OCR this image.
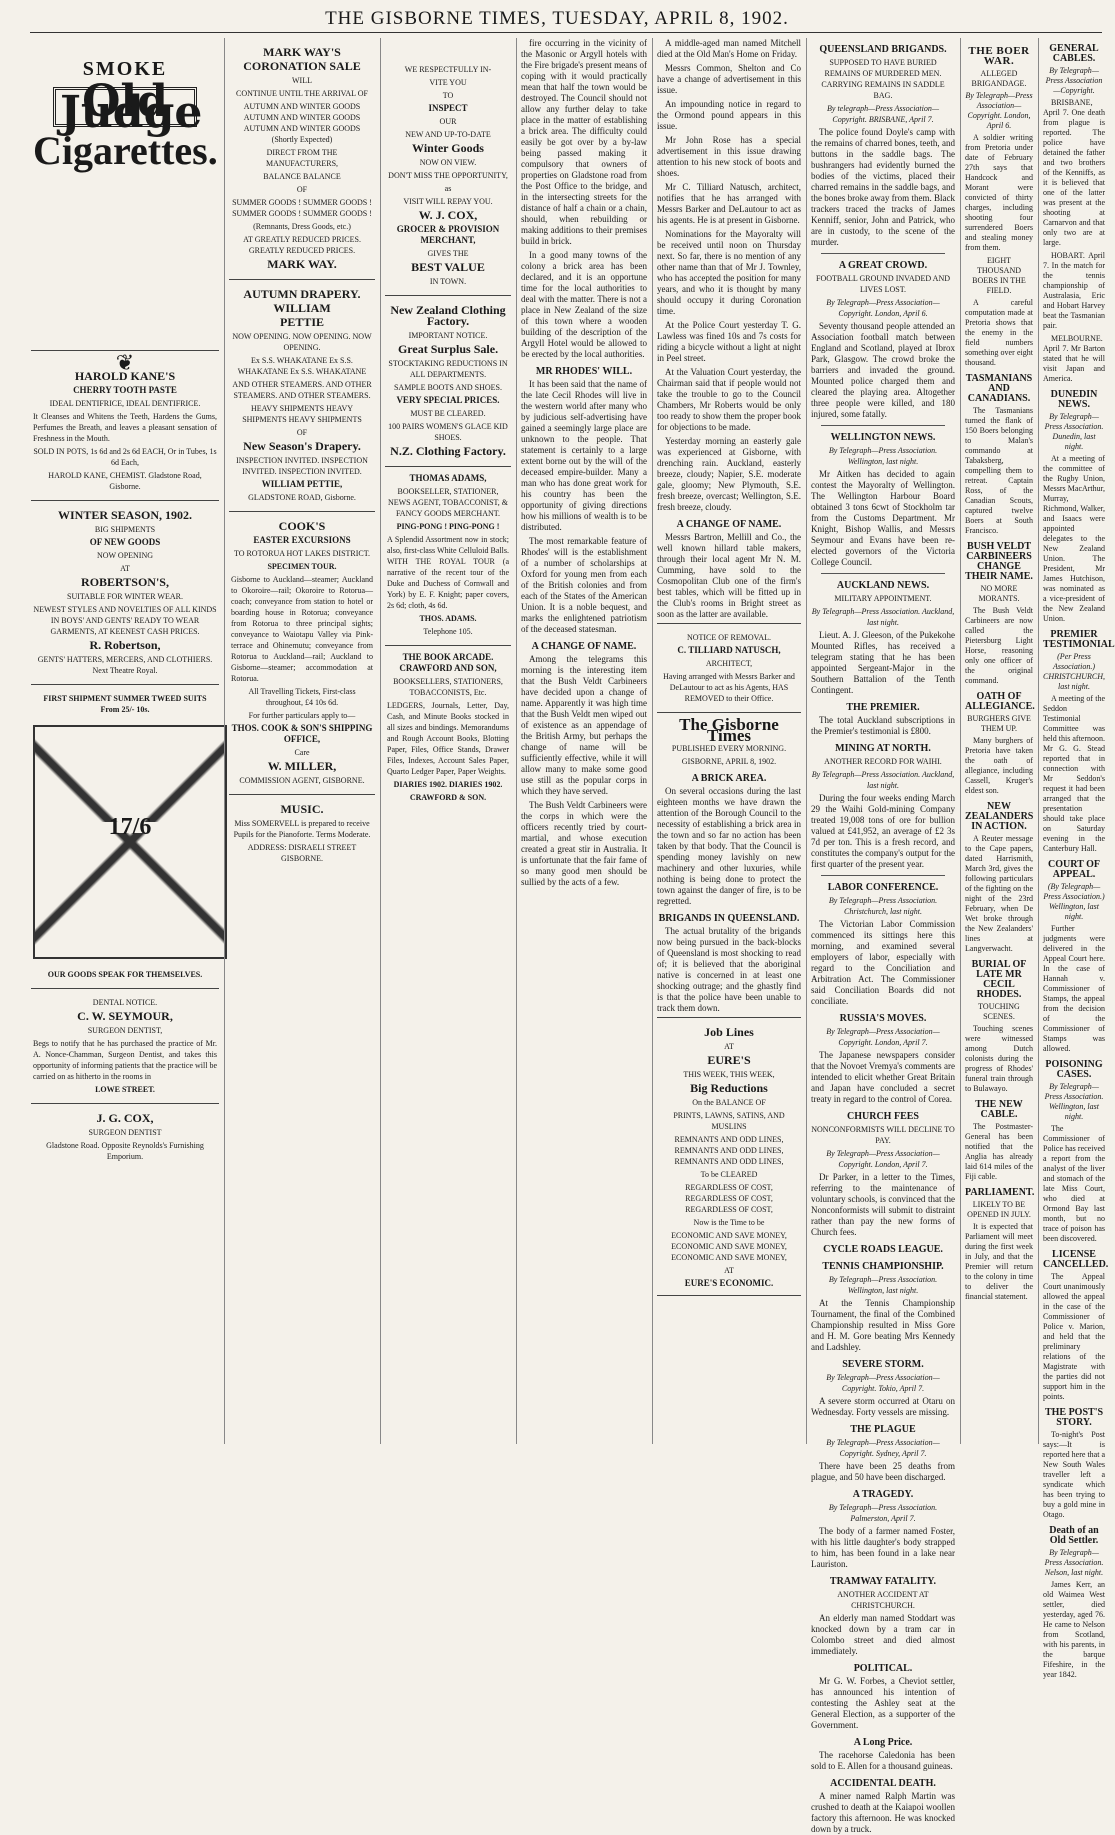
THE GISBORNE TIMES, TUESDAY, APRIL 8, 1902.
SMOKE
Old Judge
Cigarettes.
❦
HAROLD KANE'S
CHERRY TOOTH PASTE
IDEAL DENTIFRICE, IDEAL DENTIFRICE.
It Cleanses and Whitens the Teeth, Hardens the Gums, Perfumes the Breath, and leaves a pleasant sensation of Freshness in the Mouth.
SOLD IN POTS, 1s 6d and 2s 6d EACH, Or in Tubes, 1s 6d Each,
HAROLD KANE, CHEMIST. Gladstone Road, Gisborne.
WINTER SEASON, 1902.
BIG SHIPMENTS
OF NEW GOODS
NOW OPENING
AT
ROBERTSON'S,
SUITABLE FOR WINTER WEAR.
NEWEST STYLES AND NOVELTIES OF ALL KINDS IN BOYS' AND GENTS' READY TO WEAR GARMENTS, AT KEENEST CASH PRICES.
R. Robertson,
GENTS' HATTERS, MERCERS, AND CLOTHIERS. Next Theatre Royal.
FIRST SHIPMENT SUMMER TWEED SUITS From 25/- 10s.
17/6
OUR GOODS SPEAK FOR THEMSELVES.
DENTAL NOTICE.
C. W. SEYMOUR,
SURGEON DENTIST,
Begs to notify that he has purchased the practice of Mr. A. Nonce-Chamman, Surgeon Dentist, and takes this opportunity of informing patients that the practice will be carried on as hitherto in the rooms in
LOWE STREET.
J. G. COX,
SURGEON DENTIST
Gladstone Road. Opposite Reynolds's Furnishing Emporium.
MARK WAY'S
CORONATION SALE
WILL
CONTINUE UNTIL THE ARRIVAL OF
AUTUMN AND WINTER GOODS AUTUMN AND WINTER GOODS AUTUMN AND WINTER GOODS (Shortly Expected)
DIRECT FROM THE MANUFACTURERS,
BALANCE BALANCE
OF
SUMMER GOODS ! SUMMER GOODS ! SUMMER GOODS ! SUMMER GOODS !
(Remnants, Dress Goods, etc.)
AT GREATLY REDUCED PRICES. GREATLY REDUCED PRICES.
MARK WAY.
AUTUMN DRAPERY.
WILLIAM
PETTIE
NOW OPENING. NOW OPENING. NOW OPENING.
Ex S.S. WHAKATANE Ex S.S. WHAKATANE Ex S.S. WHAKATANE
AND OTHER STEAMERS. AND OTHER STEAMERS. AND OTHER STEAMERS.
HEAVY SHIPMENTS HEAVY SHIPMENTS HEAVY SHIPMENTS
OF
New Season's Drapery.
INSPECTION INVITED. INSPECTION INVITED. INSPECTION INVITED.
WILLIAM PETTIE,
GLADSTONE ROAD, Gisborne.
COOK'S
EASTER EXCURSIONS
TO ROTORUA HOT LAKES DISTRICT.
SPECIMEN TOUR.
Gisborne to Auckland—steamer; Auckland to Okoroire—rail; Okoroire to Rotorua—coach; conveyance from station to hotel or boarding house in Rotorua; conveyance from Rotorua to three principal sights; conveyance to Waiotapu Valley via Pink-terrace and Ohinemutu; conveyance from Rotorua to Auckland—rail; Auckland to Gisborne—steamer; accommodation at Rotorua.
All Travelling Tickets, First-class throughout, £4 10s 6d.
For further particulars apply to—
THOS. COOK & SON'S SHIPPING OFFICE,
Care
W. MILLER,
COMMISSION AGENT, GISBORNE.
MUSIC.
Miss SOMERVELL is prepared to receive Pupils for the Pianoforte. Terms Moderate.
ADDRESS: DISRAELI STREET GISBORNE.
WE RESPECTFULLY IN-
VITE YOU
TO
INSPECT
OUR
NEW AND UP-TO-DATE
Winter Goods
NOW ON VIEW.
DON'T MISS THE OPPORTUNITY,
as
VISIT WILL REPAY YOU.
W. J. COX,
GROCER & PROVISION
MERCHANT,
GIVES THE
BEST VALUE
IN TOWN.
New Zealand Clothing Factory.
IMPORTANT NOTICE.
Great Surplus Sale.
STOCKTAKING REDUCTIONS IN ALL DEPARTMENTS.
SAMPLE BOOTS AND SHOES.
VERY SPECIAL PRICES.
MUST BE CLEARED.
100 PAIRS WOMEN'S GLACE KID SHOES.
N.Z. Clothing Factory.
THOMAS ADAMS,
BOOKSELLER, STATIONER, NEWS AGENT, TOBACCONIST, & FANCY GOODS MERCHANT.
PING-PONG ! PING-PONG !
A Splendid Assortment now in stock; also, first-class White Celluloid Balls. WITH THE ROYAL TOUR (a narrative of the recent tour of the Duke and Duchess of Cornwall and York) by E. F. Knight; paper covers, 2s 6d; cloth, 4s 6d.
THOS. ADAMS.
Telephone 105.
THE BOOK ARCADE.
CRAWFORD AND SON,
BOOKSELLERS, STATIONERS, TOBACCONISTS, Etc.
LEDGERS, Journals, Letter, Day, Cash, and Minute Books stocked in all sizes and bindings. Memorandums and Rough Account Books, Blotting Paper, Files, Office Stands, Drawer Files, Indexes, Account Sales Paper, Quarto Ledger Paper, Paper Weights.
DIARIES 1902. DIARIES 1902.
CRAWFORD & SON.

fire occurring in the vicinity of the Masonic or Argyll hotels with the Fire brigade's present means of coping with it would practically mean that half the town would be destroyed. The Council should not allow any further delay to take place in the matter of establishing a brick area. The difficulty could easily be got over by a by-law being passed making it compulsory that owners of properties on Gladstone road from the Post Office to the bridge, and in the intersecting streets for the distance of half a chain or a chain, should, when rebuilding or making additions to their premises build in brick.

In a good many towns of the colony a brick area has been declared, and it is an opportune time for the local authorities to deal with the matter. There is not a place in New Zealand of the size of this town where a wooden building of the description of the Argyll Hotel would be allowed to be erected by the local authorities.

MR RHODES' WILL.

It has been said that the name of the late Cecil Rhodes will live in the western world after many who by judicious self-advertising have gained a seemingly large place are unknown to the people. That statement is certainly to a large extent borne out by the will of the deceased empire-builder. Many a man who has done great work for his country has been the opportunity of giving directions how his millions of wealth is to be distributed.

The most remarkable feature of Rhodes' will is the establishment of a number of scholarships at Oxford for young men from each of the British colonies and from each of the States of the American Union. It is a noble bequest, and marks the enlightened patriotism of the deceased statesman.

A CHANGE OF NAME.

Among the telegrams this morning is the interesting item that the Bush Veldt Carbineers have decided upon a change of name. Apparently it was high time that the Bush Veldt men wiped out of existence as an appendage of the British Army, but perhaps the change of name will be sufficiently effective, while it will allow many to make some good use still as the popular corps in which they have served.

The Bush Veldt Carbineers were the corps in which were the officers recently tried by court-martial, and whose execution created a great stir in Australia. It is unfortunate that the fair fame of so many good men should be sullied by the acts of a few.

A middle-aged man named Mitchell died at the Old Man's Home on Friday.

Messrs Common, Shelton and Co have a change of advertisement in this issue.

An impounding notice in regard to the Ormond pound appears in this issue.

Mr John Rose has a special advertisement in this issue drawing attention to his new stock of boots and shoes.

Mr C. Tilliard Natusch, architect, notifies that he has arranged with Messrs Barker and DeLautour to act as his agents. He is at present in Gisborne.

Nominations for the Mayoralty will be received until noon on Thursday next. So far, there is no mention of any other name than that of Mr J. Townley, who has accepted the position for many years, and who it is thought by many should occupy it during Coronation time.

At the Police Court yesterday T. G. Lawless was fined 10s and 7s costs for riding a bicycle without a light at night in Peel street.

At the Valuation Court yesterday, the Chairman said that if people would not take the trouble to go to the Council Chambers, Mr Roberts would be only too ready to show them the proper book for objections to be made.

Yesterday morning an easterly gale was experienced at Gisborne, with drenching rain. Auckland, easterly breeze, cloudy; Napier, S.E. moderate gale, gloomy; New Plymouth, S.E. fresh breeze, overcast; Wellington, S.E. fresh breeze, cloudy.

A CHANGE OF NAME.

Messrs Bartron, Mellill and Co., the well known hillard table makers, through their local agent Mr N. M. Cumming, have sold to the Cosmopolitan Club one of the firm's best tables, which will be fitted up in the Club's rooms in Bright street as soon as the latter are available.

NOTICE OF REMOVAL.
C. TILLIARD NATUSCH,
ARCHITECT,
Having arranged with Messrs Barker and DeLautour to act as his Agents, HAS REMOVED to their Office.
The Gisborne Times
PUBLISHED EVERY MORNING.
GISBORNE, APRIL 8, 1902.
A BRICK AREA.

On several occasions during the last eighteen months we have drawn the attention of the Borough Council to the necessity of establishing a brick area in the town and so far no action has been taken by that body. That the Council is spending money lavishly on new machinery and other luxuries, while nothing is being done to protect the town against the danger of fire, is to be regretted.

BRIGANDS IN QUEENSLAND.

The actual brutality of the brigands now being pursued in the back-blocks of Queensland is most shocking to read of; it is believed that the aboriginal native is concerned in at least one shocking outrage; and the ghastly find is that the police have been unable to track them down.

Job Lines
AT
EURE'S
THIS WEEK, THIS WEEK,
Big Reductions
On the BALANCE OF
PRINTS, LAWNS, SATINS, AND MUSLINS
REMNANTS AND ODD LINES, REMNANTS AND ODD LINES, REMNANTS AND ODD LINES,
To be CLEARED
REGARDLESS OF COST, REGARDLESS OF COST, REGARDLESS OF COST,
Now is the Time to be
ECONOMIC AND SAVE MONEY, ECONOMIC AND SAVE MONEY, ECONOMIC AND SAVE MONEY,
AT
EURE'S ECONOMIC.
QUEENSLAND BRIGANDS.
SUPPOSED TO HAVE BURIED REMAINS OF MURDERED MEN. CARRYING REMAINS IN SADDLE BAG.
By telegraph—Press Association—Copyright. BRISBANE, April 7.

The police found Doyle's camp with the remains of charred bones, teeth, and buttons in the saddle bags. The bushrangers had evidently burned the bodies of the victims, placed their charred remains in the saddle bags, and the bones broke away from them. Black trackers traced the tracks of James Kenniff, senior, John and Patrick, who are in custody, to the scene of the murder.

A GREAT CROWD.
FOOTBALL GROUND INVADED AND LIVES LOST.
By Telegraph—Press Association—Copyright. London, April 6.

Seventy thousand people attended an Association football match between England and Scotland, played at Ibrox Park, Glasgow. The crowd broke the barriers and invaded the ground. Mounted police charged them and cleared the playing area. Altogether three people were killed, and 180 injured, some fatally.

WELLINGTON NEWS.
By Telegraph—Press Association. Wellington, last night.

Mr Aitken has decided to again contest the Mayoralty of Wellington. The Wellington Harbour Board obtained 3 tons 6cwt of Stockholm tar from the Customs Department. Mr Knight, Bishop Wallis, and Messrs Seymour and Evans have been re-elected governors of the Victoria College Council.

AUCKLAND NEWS.
MILITARY APPOINTMENT.
By Telegraph—Press Association. Auckland, last night.

Lieut. A. J. Gleeson, of the Pukekohe Mounted Rifles, has received a telegram stating that he has been appointed Sergeant-Major in the Southern Battalion of the Tenth Contingent.

THE PREMIER.

The total Auckland subscriptions in the Premier's testimonial is £800.

MINING AT NORTH.
ANOTHER RECORD FOR WAIHI.
By Telegraph—Press Association. Auckland, last night.

During the four weeks ending March 29 the Waihi Gold-mining Company treated 19,008 tons of ore for bullion valued at £41,952, an average of £2 3s 7d per ton. This is a fresh record, and constitutes the company's output for the first quarter of the present year.

LABOR CONFERENCE.
By Telegraph—Press Association. Christchurch, last night.

The Victorian Labor Commission commenced its sittings here this morning, and examined several employers of labor, especially with regard to the Conciliation and Arbitration Act. The Commissioner said Conciliation Boards did not conciliate.

RUSSIA'S MOVES.
By Telegraph—Press Association—Copyright. London, April 7.

The Japanese newspapers consider that the Novoet Vremya's comments are intended to elicit whether Great Britain and Japan have concluded a secret treaty in regard to the control of Corea.

CHURCH FEES
NONCONFORMISTS WILL DECLINE TO PAY.
By Telegraph—Press Association—Copyright. London, April 7.

Dr Parker, in a letter to the Times, referring to the maintenance of voluntary schools, is convinced that the Nonconformists will submit to distraint rather than pay the new forms of Church fees.

CYCLE ROADS LEAGUE.
TENNIS CHAMPIONSHIP.
By Telegraph—Press Association. Wellington, last night.

At the Tennis Championship Tournament, the final of the Combined Championship resulted in Miss Gore and H. M. Gore beating Mrs Kennedy and Ladshley.

SEVERE STORM.
By Telegraph—Press Association—Copyright. Tokio, April 7.

A severe storm occurred at Otaru on Wednesday. Forty vessels are missing.

THE PLAGUE
By Telegraph—Press Association—Copyright. Sydney, April 7.

There have been 25 deaths from plague, and 50 have been discharged.

A TRAGEDY.
By Telegraph—Press Association. Palmerston, April 7.

The body of a farmer named Foster, with his little daughter's body strapped to him, has been found in a lake near Lauriston.

TRAMWAY FATALITY.
ANOTHER ACCIDENT AT CHRISTCHURCH.

An elderly man named Stoddart was knocked down by a tram car in Colombo street and died almost immediately.

POLITICAL.

Mr G. W. Forbes, a Cheviot settler, has announced his intention of contesting the Ashley seat at the General Election, as a supporter of the Government.

A Long Price.

The racehorse Caledonia has been sold to E. Allen for a thousand guineas.

ACCIDENTAL DEATH.

A miner named Ralph Martin was crushed to death at the Kaiapoi woollen factory this afternoon. He was knocked down by a truck.

THE BOER WAR.
ALLEGED BRIGANDAGE.
By Telegraph—Press Association—Copyright. London, April 6.

A soldier writing from Pretoria under date of February 27th says that Handcock and Morant were convicted of thirty charges, including shooting four surrendered Boers and stealing money from them.

EIGHT THOUSAND BOERS IN THE FIELD.

A careful computation made at Pretoria shows that the enemy in the field numbers something over eight thousand.

TASMANIANS AND CANADIANS.

The Tasmanians turned the flank of 150 Boers belonging to Malan's commando at Tabaksberg, compelling them to retreat. Captain Ross, of the Canadian Scouts, captured twelve Boers at South Francisco.

BUSH VELDT CARBINEERS CHANGE THEIR NAME.
NO MORE MORANTS.

The Bush Veldt Carbineers are now called the Pietersburg Light Horse, reasoning only one officer of the original command.

OATH OF ALLEGIANCE.
BURGHERS GIVE THEM UP.

Many burghers of Pretoria have taken the oath of allegiance, including Cassell, Kruger's eldest son.

NEW ZEALANDERS IN ACTION.

A Reuter message to the Cape papers, dated Harrismith, March 3rd, gives the following particulars of the fighting on the night of the 23rd February, when De Wet broke through the New Zealanders' lines at Langverwacht.

BURIAL OF LATE MR CECIL RHODES.
TOUCHING SCENES.

Touching scenes were witnessed among Dutch colonists during the progress of Rhodes' funeral train through to Bulawayo.

THE NEW CABLE.

The Postmaster-General has been notified that the Anglia has already laid 614 miles of the Fiji cable.

PARLIAMENT.
LIKELY TO BE OPENED IN JULY.

It is expected that Parliament will meet during the first week in July, and that the Premier will return to the colony in time to deliver the financial statement.

GENERAL CABLES.
By Telegraph—Press Association—Copyright.

BRISBANE, April 7. One death from plague is reported. The police have detained the father and two brothers of the Kenniffs, as it is believed that one of the latter was present at the shooting at Carnarvon and that only two are at large.

HOBART. April 7. In the match for the tennis championship of Australasia, Eric and Hobart Harvey beat the Tasmanian pair.

MELBOURNE. April 7. Mr Barton stated that he will visit Japan and America.

DUNEDIN NEWS.
By Telegraph—Press Association. Dunedin, last night.

At a meeting of the committee of the Rugby Union, Messrs MacArthur, Murray, Richmond, Walker, and Isaacs were appointed delegates to the New Zealand Union. The President, Mr James Hutchison, was nominated as a vice-president of the New Zealand Union.

PREMIER TESTIMONIAL
(Per Press Association.) CHRISTCHURCH, last night.

A meeting of the Seddon Testimonial Committee was held this afternoon. Mr G. G. Stead reported that in connection with Mr Seddon's request it had been arranged that the presentation should take place on Saturday evening in the Canterbury Hall.

COURT OF APPEAL.
(By Telegraph—Press Association.) Wellington, last night.

Further judgments were delivered in the Appeal Court here. In the case of Hannah v. Commissioner of Stamps, the appeal from the decision of the Commissioner of Stamps was allowed.

POISONING CASES.
By Telegraph—Press Association. Wellington, last night.

The Commissioner of Police has received a report from the analyst of the liver and stomach of the late Miss Court, who died at Ormond Bay last month, but no trace of poison has been discovered.

LICENSE CANCELLED.

The Appeal Court unanimously allowed the appeal in the case of the Commissioner of Police v. Marion, and held that the preliminary relations of the Magistrate with the parties did not support him in the points.

THE POST'S STORY.

To-night's Post says:—It is reported here that a New South Wales traveller left a syndicate which has been trying to buy a gold mine in Otago.

Death of an Old Settler.
By Telegraph—Press Association. Nelson, last night.

James Kerr, an old Waimea West settler, died yesterday, aged 76. He came to Nelson from Scotland, with his parents, in the barque Fifeshire, in the year 1842.
